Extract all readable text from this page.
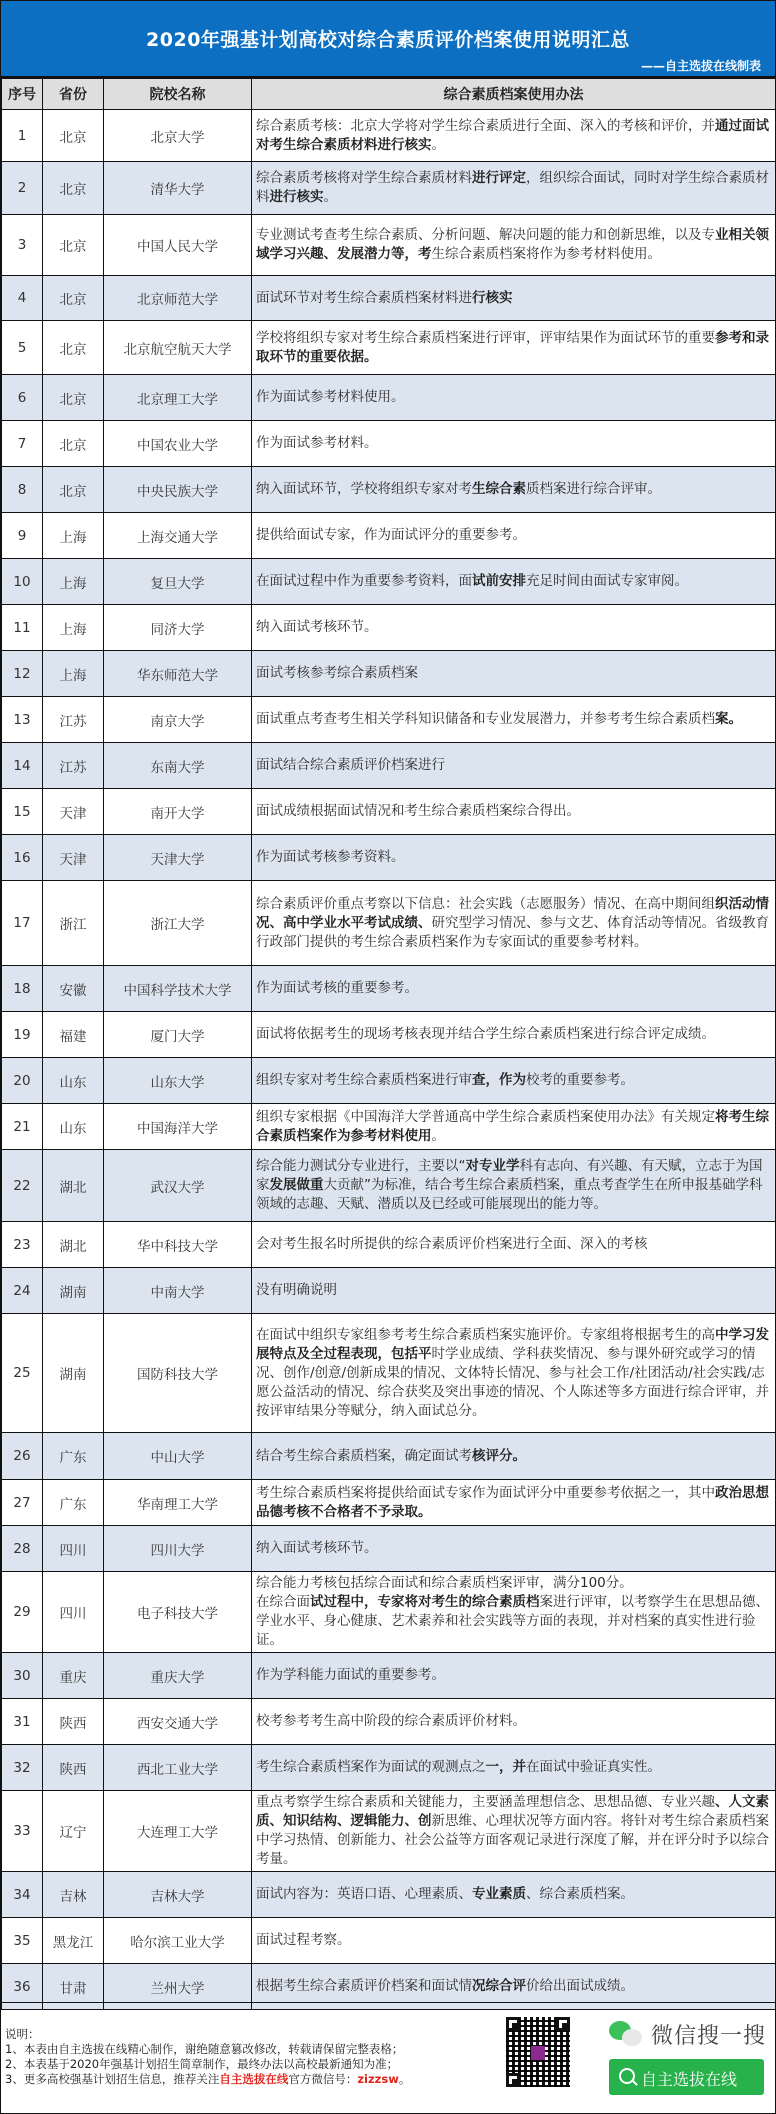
2020年强基计划高校对综合素质评价档案使用说明汇总
——自主选拔在线制表
序号	省份	院校名称	综合素质档案使用办法
1	北京	北京大学	综合素质考核：北京大学将对学生综合素质进行全面、深入的考核和评价，并通过面试对考生综合素质材料进行核实。
2	北京	清华大学	综合素质考核将对学生综合素质材料进行评定，组织综合面试，同时对学生综合素质材料进行核实。
3	北京	中国人民大学	专业测试考查考生综合素质、分析问题、解决问题的能力和创新思维，以及专业相关领域学习兴趣、发展潜力等，考生综合素质档案将作为参考材料使用。
4	北京	北京师范大学	面试环节对考生综合素质档案材料进行核实
5	北京	北京航空航天大学	学校将组织专家对考生综合素质档案进行评审，评审结果作为面试环节的重要参考和录取环节的重要依据。
6	北京	北京理工大学	作为面试参考材料使用。
7	北京	中国农业大学	作为面试参考材料。
8	北京	中央民族大学	纳入面试环节，学校将组织专家对考生综合素质档案进行综合评审。
9	上海	上海交通大学	提供给面试专家，作为面试评分的重要参考。
10	上海	复旦大学	在面试过程中作为重要参考资料，面试前安排充足时间由面试专家审阅。
11	上海	同济大学	纳入面试考核环节。
12	上海	华东师范大学	面试考核参考综合素质档案
13	江苏	南京大学	面试重点考查考生相关学科知识储备和专业发展潜力，并参考考生综合素质档案。
14	江苏	东南大学	面试结合综合素质评价档案进行
15	天津	南开大学	面试成绩根据面试情况和考生综合素质档案综合得出。
16	天津	天津大学	作为面试考核参考资料。
17	浙江	浙江大学	综合素质评价重点考察以下信息：社会实践（志愿服务）情况、在高中期间组织活动情况、高中学业水平考试成绩、研究型学习情况、参与文艺、体育活动等情况。省级教育行政部门提供的考生综合素质档案作为专家面试的重要参考材料。
18	安徽	中国科学技术大学	作为面试考核的重要参考。
19	福建	厦门大学	面试将依据考生的现场考核表现并结合学生综合素质档案进行综合评定成绩。
20	山东	山东大学	组织专家对考生综合素质档案进行审查，作为校考的重要参考。
21	山东	中国海洋大学	组织专家根据《中国海洋大学普通高中学生综合素质档案使用办法》有关规定将考生综合素质档案作为参考材料使用。
22	湖北	武汉大学	综合能力测试分专业进行，主要以“对专业学科有志向、有兴趣、有天赋，立志于为国家发展做重大贡献”为标准，结合考生综合素质档案，重点考查学生在所申报基础学科领域的志趣、天赋、潜质以及已经或可能展现出的能力等。
23	湖北	华中科技大学	会对考生报名时所提供的综合素质评价档案进行全面、深入的考核
24	湖南	中南大学	没有明确说明
25	湖南	国防科技大学	在面试中组织专家组参考考生综合素质档案实施评价。专家组将根据考生的高中学习发展特点及全过程表现，包括平时学业成绩、学科获奖情况、参与课外研究或学习的情况、创作/创意/创新成果的情况、文体特长情况、参与社会工作/社团活动/社会实践/志愿公益活动的情况、综合获奖及突出事迹的情况、个人陈述等多方面进行综合评审，并按评审结果分等赋分，纳入面试总分。
26	广东	中山大学	结合考生综合素质档案，确定面试考核评分。
27	广东	华南理工大学	考生综合素质档案将提供给面试专家作为面试评分中重要参考依据之一，其中政治思想品德考核不合格者不予录取。
28	四川	四川大学	纳入面试考核环节。
29	四川	电子科技大学	综合能力考核包括综合面试和综合素质档案评审，满分100分。
在综合面试过程中，专家将对考生的综合素质档案进行评审，以考察学生在思想品德、学业水平、身心健康、艺术素养和社会实践等方面的表现，并对档案的真实性进行验证。
30	重庆	重庆大学	作为学科能力面试的重要参考。
31	陕西	西安交通大学	校考参考考生高中阶段的综合素质评价材料。
32	陕西	西北工业大学	考生综合素质档案作为面试的观测点之一，并在面试中验证真实性。
33	辽宁	大连理工大学	重点考察学生综合素质和关键能力，主要涵盖理想信念、思想品德、专业兴趣、人文素质、知识结构、逻辑能力、创新思维、心理状况等方面内容。将针对考生综合素质档案中学习热情、创新能力、社会公益等方面客观记录进行深度了解，并在评分时予以综合考量。
34	吉林	吉林大学	面试内容为：英语口语、心理素质、专业素质、综合素质档案。
35	黑龙江	哈尔滨工业大学	面试过程考察。
36	甘肃	兰州大学	根据考生综合素质评价档案和面试情况综合评价给出面试成绩。
说明：
1、本表由自主选拔在线精心制作，谢绝随意篡改修改，转载请保留完整表格；
2、本表基于2020年强基计划招生简章制作，最终办法以高校最新通知为准；
3、更多高校强基计划招生信息，推荐关注自主选拔在线官方微信号：zizzsw。
微信搜一搜
自主选拔在线
